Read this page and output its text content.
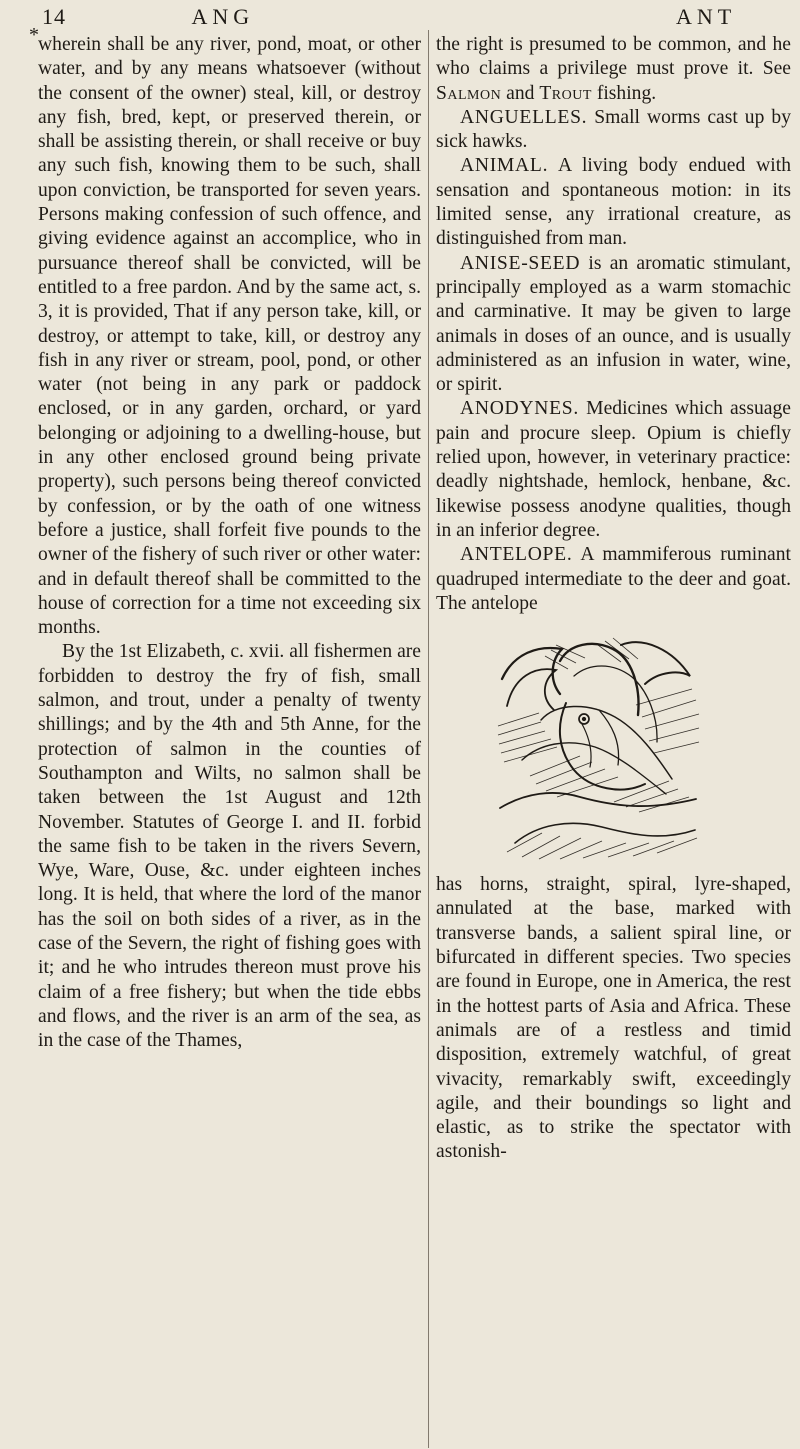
14	ANG	ANT
* wherein shall be any river, pond, moat, or other water, and by any means whatsoever (without the consent of the owner) steal, kill, or destroy any fish, bred, kept, or preserved therein, or shall be assisting therein, or shall receive or buy any such fish, knowing them to be such, shall upon conviction, be transported for seven years. Persons making confession of such offence, and giving evidence against an accomplice, who in pursuance thereof shall be convicted, will be entitled to a free pardon. And by the same act, s. 3, it is provided, That if any person take, kill, or destroy, or attempt to take, kill, or destroy any fish in any river or stream, pool, pond, or other water (not being in any park or paddock enclosed, or in any garden, orchard, or yard belonging or adjoining to a dwelling-house, but in any other enclosed ground being private property), such persons being thereof convicted by confession, or by the oath of one witness before a justice, shall forfeit five pounds to the owner of the fishery of such river or other water: and in default thereof shall be committed to the house of correction for a time not exceeding six months.

By the 1st Elizabeth, c. xvii. all fishermen are forbidden to destroy the fry of fish, small salmon, and trout, under a penalty of twenty shillings; and by the 4th and 5th Anne, for the protection of salmon in the counties of Southampton and Wilts, no salmon shall be taken between the 1st August and 12th November. Statutes of George I. and II. forbid the same fish to be taken in the rivers Severn, Wye, Ware, Ouse, &c. under eighteen inches long. It is held, that where the lord of the manor has the soil on both sides of a river, as in the case of the Severn, the right of fishing goes with it; and he who intrudes thereon must prove his claim of a free fishery; but when the tide ebbs and flows, and the river is an arm of the sea, as in the case of the Thames,

the right is presumed to be common, and he who claims a privilege must prove it. See Salmon and Trout fishing.

ANGUELLES. Small worms cast up by sick hawks.

ANIMAL. A living body endued with sensation and spontaneous motion: in its limited sense, any irrational creature, as distinguished from man.

ANISE-SEED is an aromatic stimulant, principally employed as a warm stomachic and carminative. It may be given to large animals in doses of an ounce, and is usually administered as an infusion in water, wine, or spirit.

ANODYNES. Medicines which assuage pain and procure sleep. Opium is chiefly relied upon, however, in veterinary practice: deadly nightshade, hemlock, henbane, &c. likewise possess anodyne qualities, though in an inferior degree.

ANTELOPE. A mammiferous ruminant quadruped intermediate to the deer and goat. The antelope

has horns, straight, spiral, lyre-shaped, annulated at the base, marked with transverse bands, a salient spiral line, or bifurcated in different species. Two species are found in Europe, one in America, the rest in the hottest parts of Asia and Africa. These animals are of a restless and timid disposition, extremely watchful, of great vivacity, remarkably swift, exceedingly agile, and their boundings so light and elastic, as to strike the spectator with astonish-
